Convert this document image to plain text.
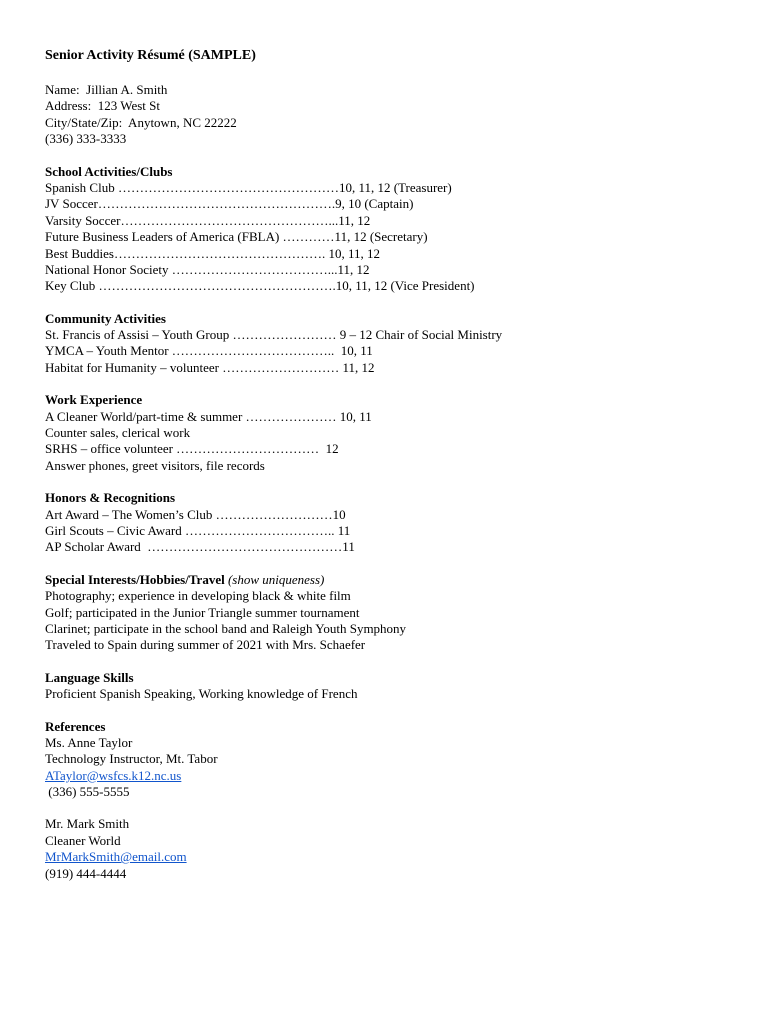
Senior Activity Résumé (SAMPLE)
Name:  Jillian A. Smith
Address:  123 West St
City/State/Zip:  Anytown, NC 22222
(336) 333-3333
School Activities/Clubs
Spanish Club ……………………………………………10, 11, 12 (Treasurer)
JV Soccer……………………………………………….9, 10 (Captain)
Varsity Soccer…………………………………………...11, 12
Future Business Leaders of America (FBLA) …………11, 12 (Secretary)
Best Buddies…………………………………………. 10, 11, 12
National Honor Society ………………………………...11, 12
Key Club ……………………………………………….10, 11, 12 (Vice President)
Community Activities
St. Francis of Assisi – Youth Group …………………… 9 – 12 Chair of Social Ministry
YMCA – Youth Mentor ………………………………..  10, 11
Habitat for Humanity – volunteer ……………………… 11, 12
Work Experience
A Cleaner World/part-time & summer ………………… 10, 11
Counter sales, clerical work
SRHS – office volunteer ……………………………  12
Answer phones, greet visitors, file records
Honors & Recognitions
Art Award – The Women’s Club ………………………10
Girl Scouts – Civic Award …………………………….. 11
AP Scholar Award  ………………………………………11
Special Interests/Hobbies/Travel (show uniqueness)
Photography; experience in developing black & white film
Golf; participated in the Junior Triangle summer tournament
Clarinet; participate in the school band and Raleigh Youth Symphony
Traveled to Spain during summer of 2021 with Mrs. Schaefer
Language Skills
Proficient Spanish Speaking, Working knowledge of French
References
Ms. Anne Taylor
Technology Instructor, Mt. Tabor
ATaylor@wsfcs.k12.nc.us
(336) 555-5555
Mr. Mark Smith
Cleaner World
MrMarkSmith@email.com
(919) 444-4444
